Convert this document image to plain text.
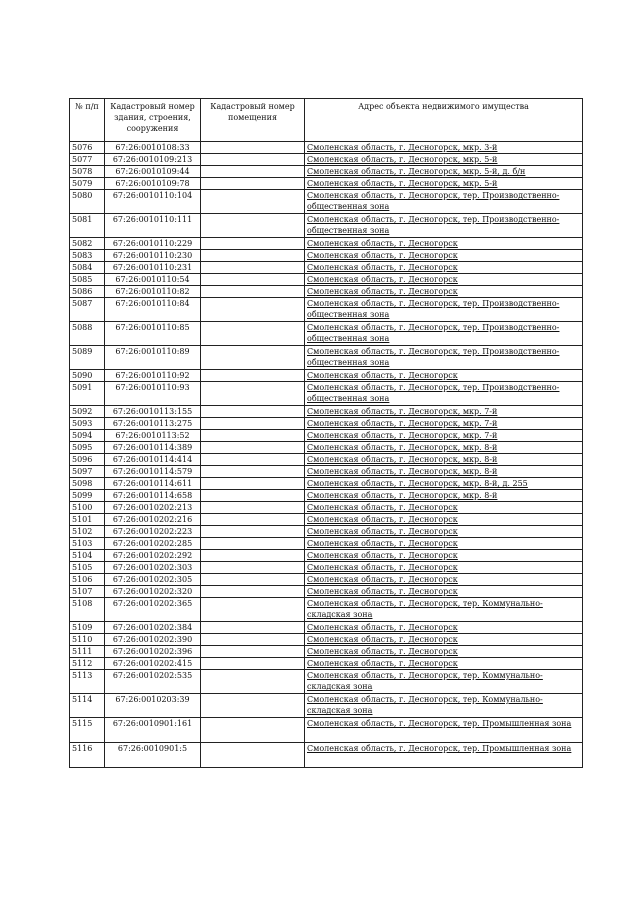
№ п/п	Кадастровый номер здания, строения, сооружения	Кадастровый номер помещения	Адрес объекта недвижимого имущества
5076	67:26:0010108:33		Смоленская область, г. Десногорск, мкр. 3-й

5077	67:26:0010109:213		Смоленская область, г. Десногорск, мкр. 5-й

5078	67:26:0010109:44		Смоленская область, г. Десногорск, мкр. 5-й, д. б/н

5079	67:26:0010109:78		Смоленская область, г. Десногорск, мкр. 5-й

5080	67:26:0010110:104		Смоленская область, г. Десногорск, тер. Производственно-
общественная зона

5081	67:26:0010110:111		Смоленская область, г. Десногорск, тер. Производственно-
общественная зона

5082	67:26:0010110:229		Смоленская область, г. Десногорск

5083	67:26:0010110:230		Смоленская область, г. Десногорск

5084	67:26:0010110:231		Смоленская область, г. Десногорск

5085	67:26:0010110:54		Смоленская область, г. Десногорск

5086	67:26:0010110:82		Смоленская область, г. Десногорск

5087	67:26:0010110:84		Смоленская область, г. Десногорск, тер. Производственно-
общественная зона

5088	67:26:0010110:85		Смоленская область, г. Десногорск, тер. Производственно-
общественная зона

5089	67:26:0010110:89		Смоленская область, г. Десногорск, тер. Производственно-
общественная зона

5090	67:26:0010110:92		Смоленская область, г. Десногорск

5091	67:26:0010110:93		Смоленская область, г. Десногорск, тер. Производственно-
общественная зона

5092	67:26:0010113:155		Смоленская область, г. Десногорск, мкр. 7-й

5093	67:26:0010113:275		Смоленская область, г. Десногорск, мкр. 7-й

5094	67:26:0010113:52		Смоленская область, г. Десногорск, мкр. 7-й

5095	67:26:0010114:389		Смоленская область, г. Десногорск, мкр. 8-й

5096	67:26:0010114:414		Смоленская область, г. Десногорск, мкр. 8-й

5097	67:26:0010114:579		Смоленская область, г. Десногорск, мкр. 8-й

5098	67:26:0010114:611		Смоленская область, г. Десногорск, мкр. 8-й, д. 255

5099	67:26:0010114:658		Смоленская область, г. Десногорск, мкр. 8-й

5100	67:26:0010202:213		Смоленская область, г. Десногорск

5101	67:26:0010202:216		Смоленская область, г. Десногорск

5102	67:26:0010202:223		Смоленская область, г. Десногорск

5103	67:26:0010202:285		Смоленская область, г. Десногорск

5104	67:26:0010202:292		Смоленская область, г. Десногорск

5105	67:26:0010202:303		Смоленская область, г. Десногорск

5106	67:26:0010202:305		Смоленская область, г. Десногорск

5107	67:26:0010202:320		Смоленская область, г. Десногорск

5108	67:26:0010202:365		Смоленская область, г. Десногорск, тер. Коммунально-
складская зона

5109	67:26:0010202:384		Смоленская область, г. Десногорск

5110	67:26:0010202:390		Смоленская область, г. Десногорск

5111	67:26:0010202:396		Смоленская область, г. Десногорск

5112	67:26:0010202:415		Смоленская область, г. Десногорск

5113	67:26:0010202:535		Смоленская область, г. Десногорск, тер. Коммунально-
складская зона

5114	67:26:0010203:39		Смоленская область, г. Десногорск, тер. Коммунально-
складская зона

5115	67:26:0010901:161		Смоленская область, г. Десногорск, тер. Промышленная зона

5116	67:26:0010901:5		Смоленская область, г. Десногорск, тер. Промышленная зона
